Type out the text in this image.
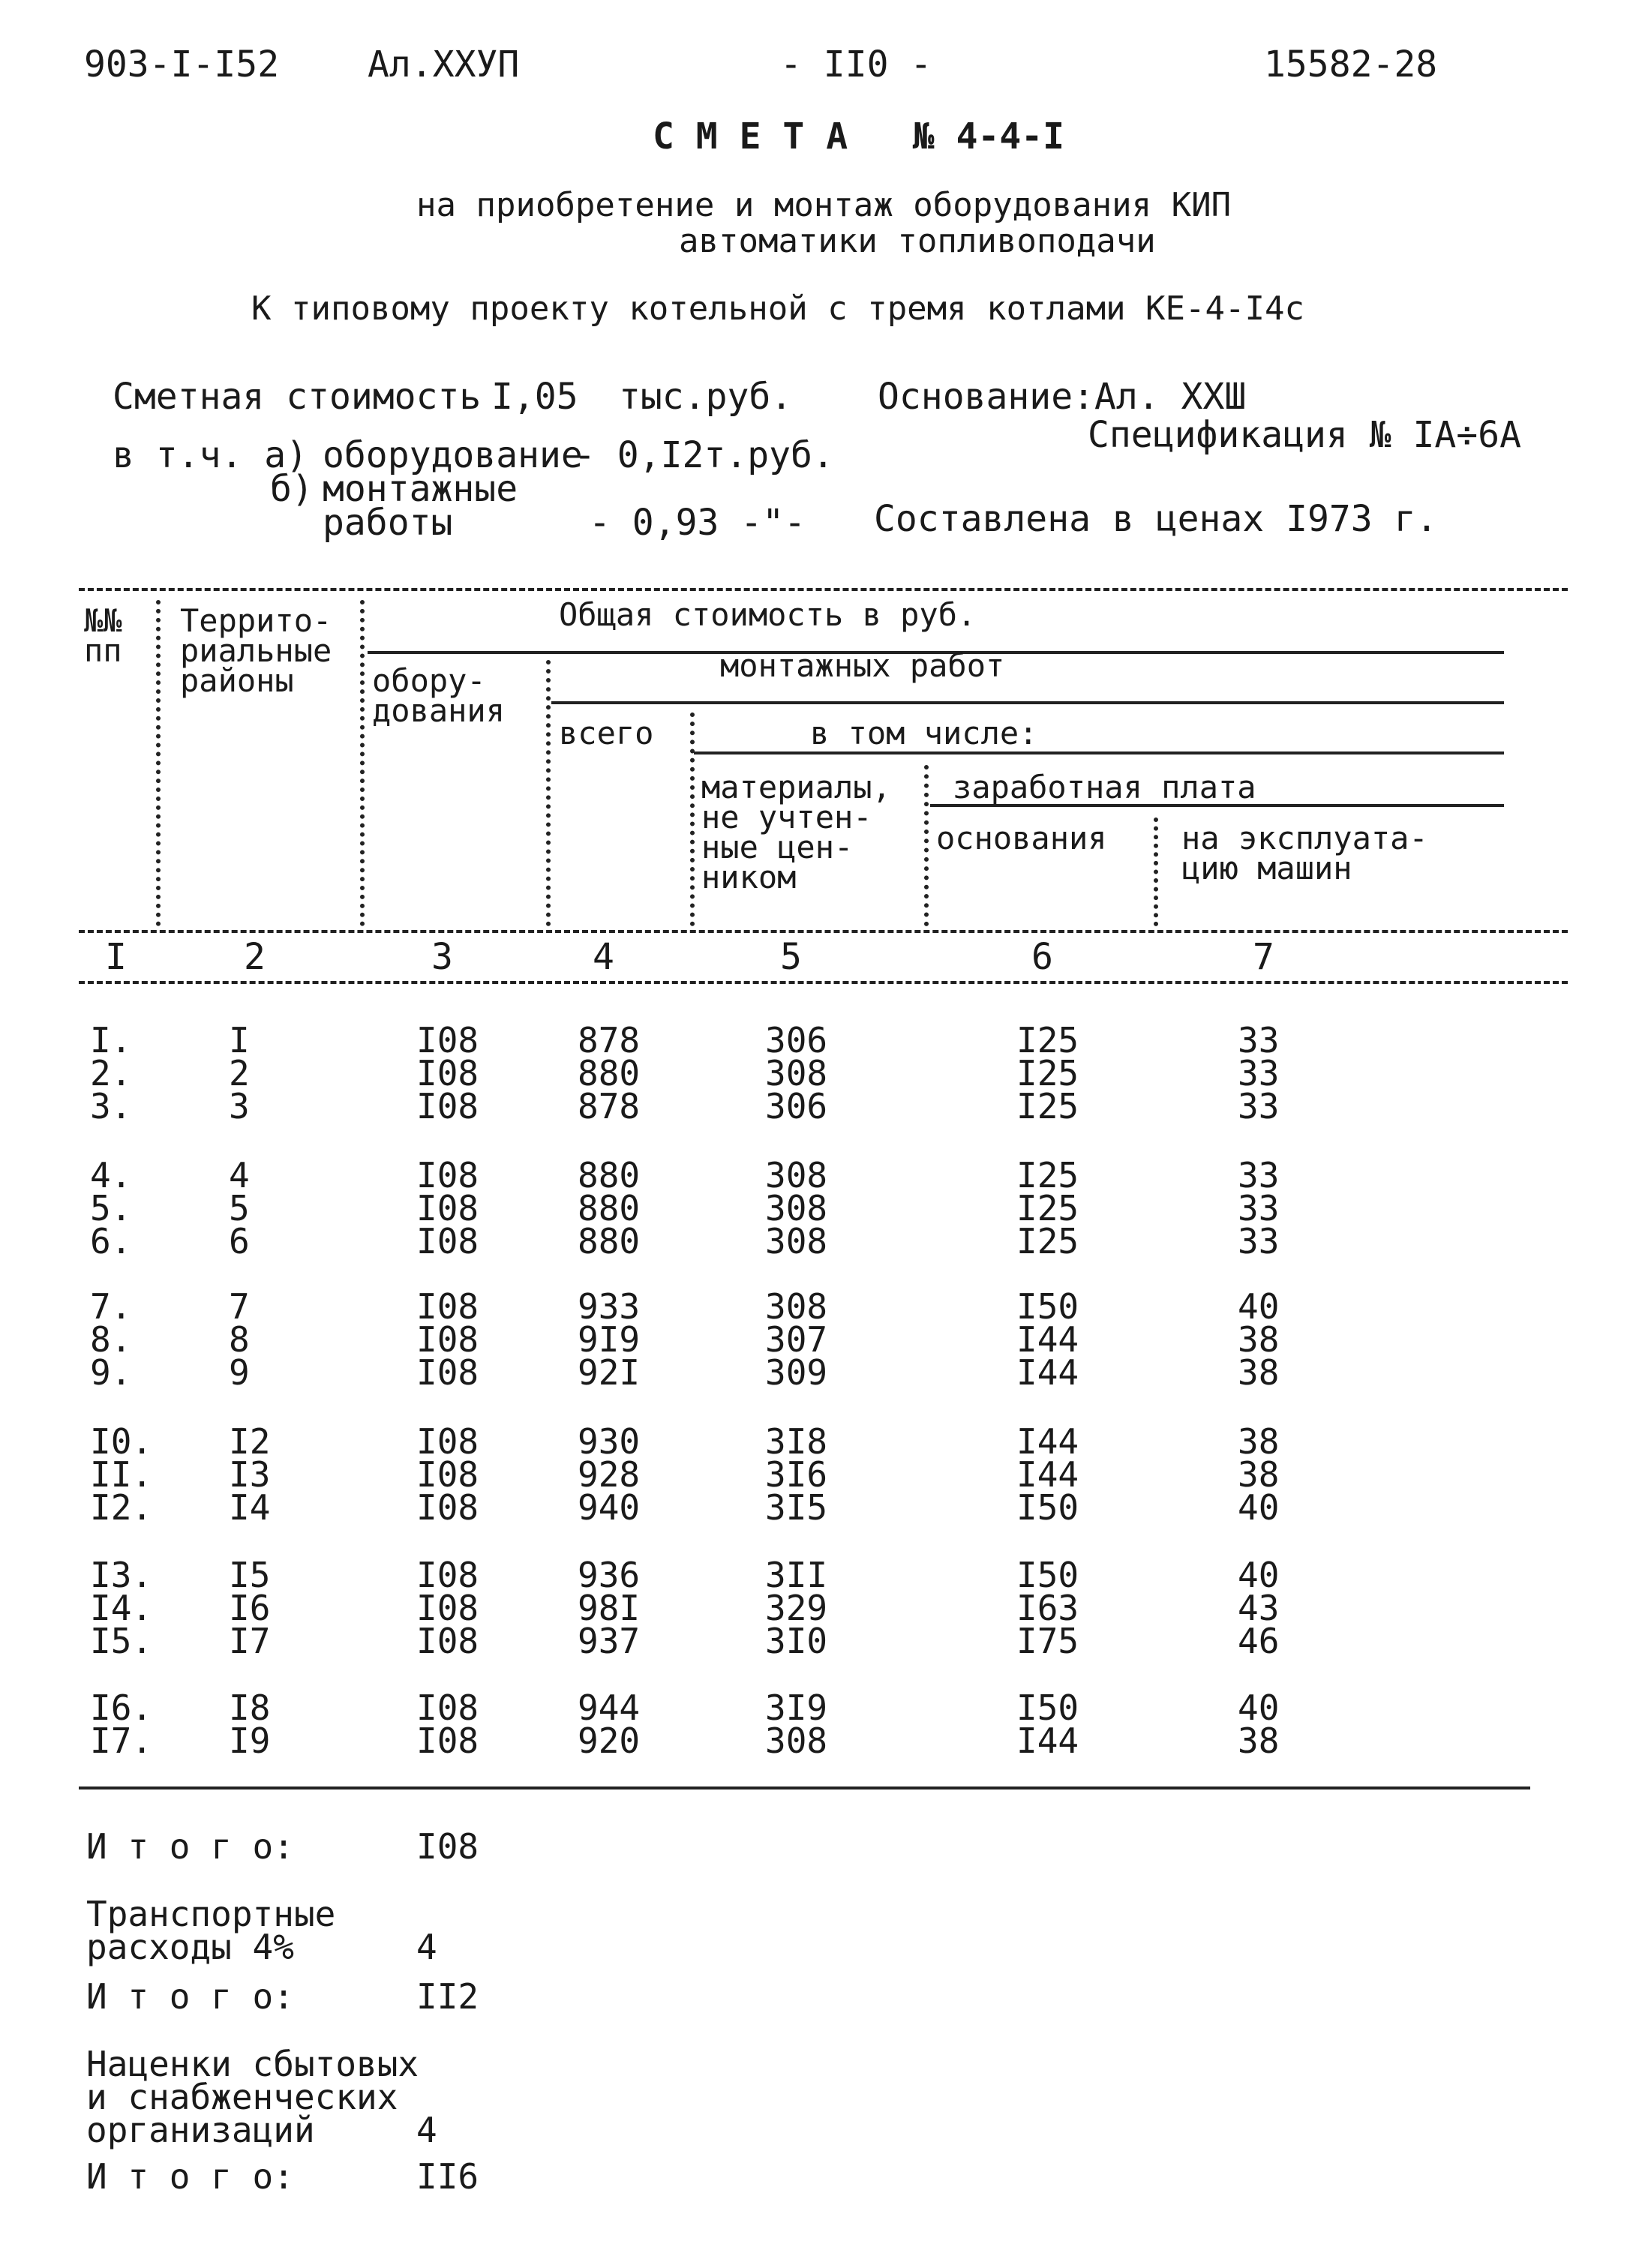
903-I-I52 Ал.XXУП	- II0 -	15582-28
С М Е Т А   № 4-4-I
на приобретение и монтаж оборудования КИП
автоматики топливоподачи
К типовому проекту котельной с тремя котлами КЕ-4-I4с
Сметная стоимость I,05 тыс.руб. Основание:Ал. XXШ
Спецификация № IА÷6А
в т.ч. а) оборудование
- 0,I2т.руб.
б) монтажные
работы	- 0,93 -"- Составлена в ценах I973 г.
№№
пп
Террито-
риальные
районы
Общая стоимость в руб.
обору-
дования
монтажных работ
всего	в том числе:
материалы,
не учтен-
ные цен-
ником
заработная плата
основания на эксплуата-
цию машин
I	2	3	4	5	6	7
I.	I	I08	878	306	I25	33
2.	2	I08	880	308	I25	33
3.	3	I08	878	306	I25	33
4.	4	I08	880	308	I25	33
5.	5	I08	880	308	I25	33
6.	6	I08	880	308	I25	33
7.	7	I08	933	308	I50	40
8.	8	I08	9I9	307	I44	38
9.	9	I08	92I	309	I44	38
I0. I2	I08	930	3I8	I44	38
II. I3	I08	928	3I6	I44	38
I2. I4	I08	940	3I5	I50	40
I3. I5	I08	936	3II	I50	40
I4. I6	I08	98I	329	I63	43
I5. I7	I08	937	3I0	I75	46
I6. I8	I08	944	3I9	I50	40
I7. I9	I08	920	308	I44	38
И т о г о:	I08
Транспортные
расходы 4%	4
И т о г о:	II2
Наценки сбытовых
и снабженческих
организаций	4
И т о г о:	II6
